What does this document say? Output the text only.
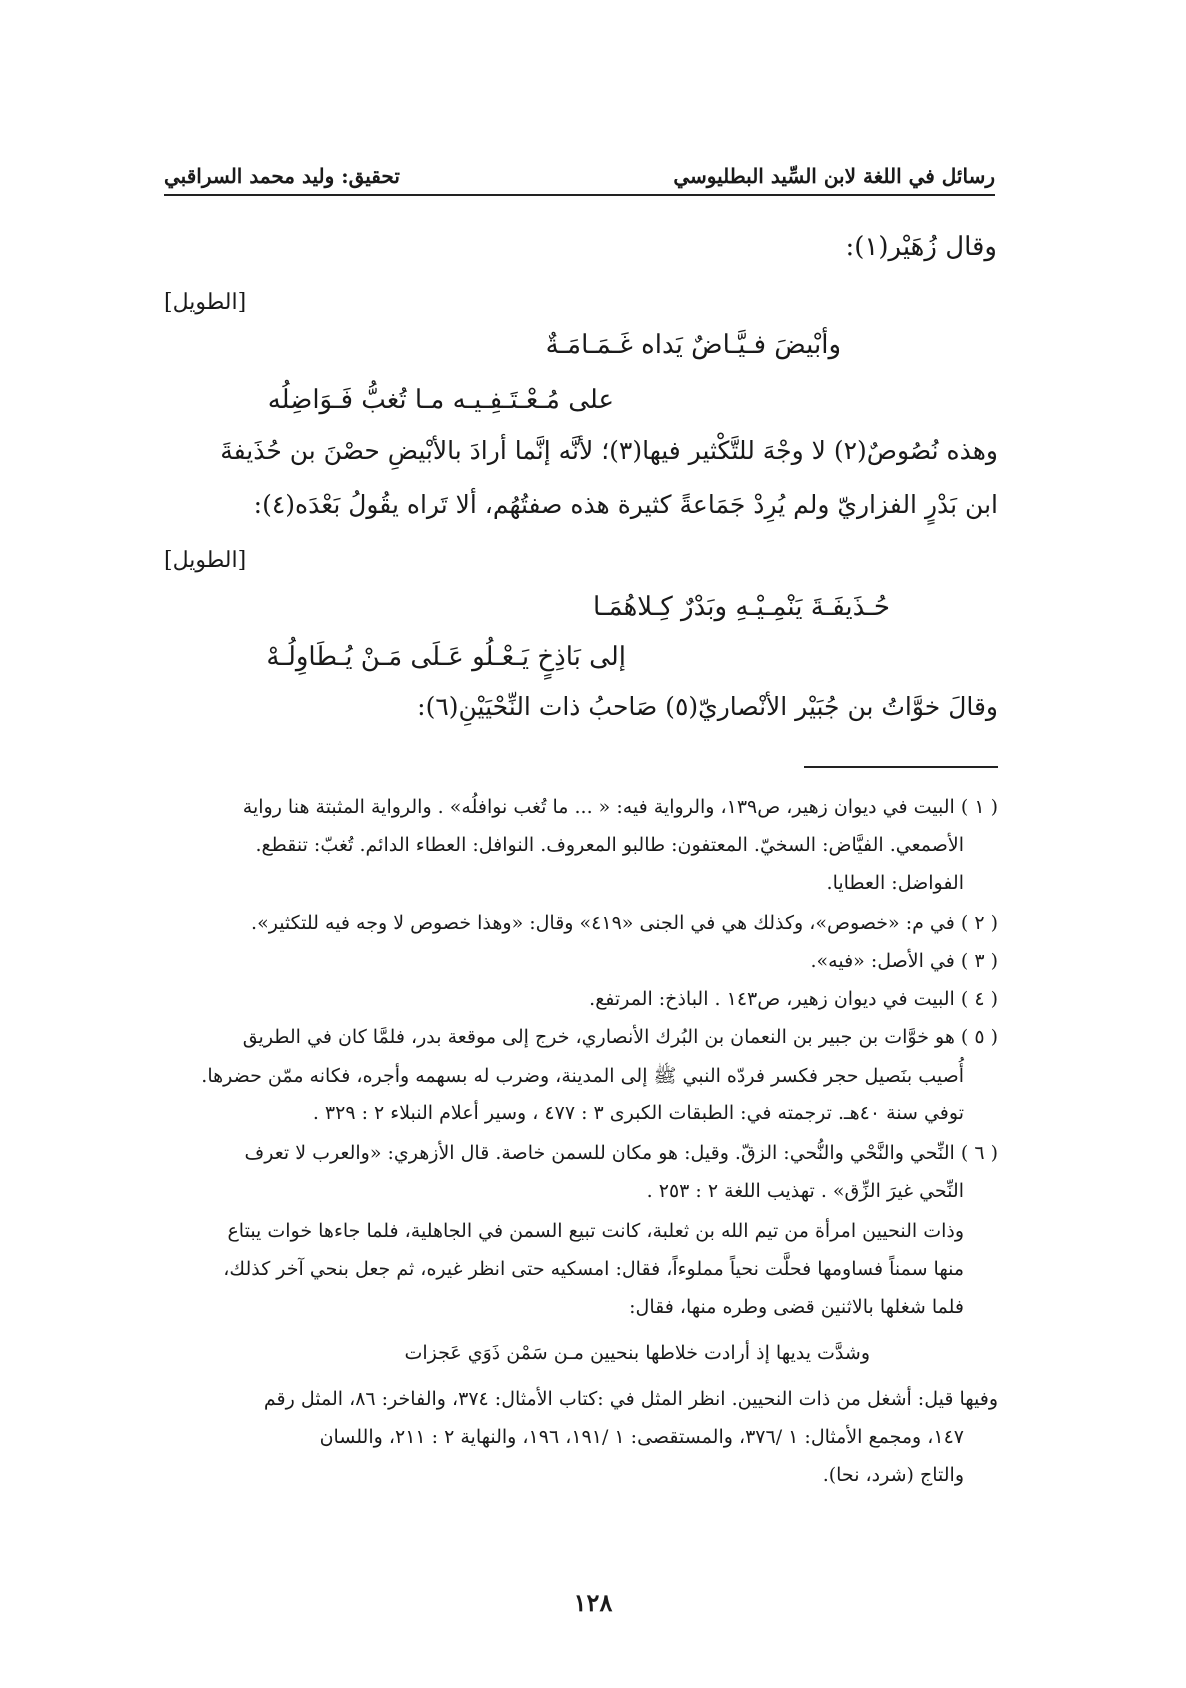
رسائل في اللغة لابن السِّيد البطليوسي
تحقيق: وليد محمد السراقبي
وقال زُهَيْر(١):
[الطويل]
وأبْيضَ فـيَّـاضٌ يَداه غَـمَـامَـةٌ
على مُـعْـتَـفِـيـه مـا تُغبُّ فَـوَاضِلُه
وهذه نُصُوصٌ(٢) لا وجْهَ للتَّكْثير فيها(٣)؛ لأنَّه إنَّما أرادَ بالأبْيضِ حصْنَ بن حُذَيفةَ
ابن بَدْرٍ الفزاريّ ولم يُرِدْ جَمَاعةً كثيرة هذه صفتُهُم، ألا تَراه يقُولُ بَعْدَه(٤):
[الطويل]
حُـذَيفَـةَ يَنْمِـيْـهِ وبَدْرٌ كِـلاهُمَـا
إلى بَاذِخٍ يَـعْـلُو عَـلَى مَـنْ يُـطَاوِلُـهْ
وقالَ خوَّاتُ بن جُبَيْر الأنْصاريّ(٥) صَاحبُ ذات النِّحْيَيْنِ(٦):
( ١ ) البيت في ديوان زهير، ص١٣٩، والرواية فيه: « ... ما تُغب نوافلُه» . والرواية المثبتة هنا رواية
الأصمعي. الفيَّاض: السخيّ. المعتفون: طالبو المعروف. النوافل: العطاء الدائم. تُغبّ: تنقطع.
الفواضل: العطايا.
( ٢ ) في م: «خصوص»، وكذلك هي في الجنى «٤١٩» وقال: «وهذا خصوص لا وجه فيه للتكثير».
( ٣ ) في الأصل: «فيه».
( ٤ ) البيت في ديوان زهير، ص١٤٣ . الباذخ: المرتفع.
( ٥ ) هو خوَّات بن جبير بن النعمان بن البُرك الأنصاري، خرج إلى موقعة بدر، فلمَّا كان في الطريق
أُصيب بنَصيل حجر فكسر فردّه النبي ﷺ إلى المدينة، وضرب له بسهمه وأجره، فكانه ممّن حضرها.
توفي سنة ٤٠هـ. ترجمته في: الطبقات الكبرى ٣ : ٤٧٧ ، وسير أعلام النبلاء ٢ : ٣٢٩ .
( ٦ ) النِّحي والنَّحْي والنُّحي: الزقّ. وقيل: هو مكان للسمن خاصة. قال الأزهري: «والعرب لا تعرف
النِّحي غيرَ الزِّق» . تهذيب اللغة ٢ : ٢٥٣ .
وذات النحيين امرأة من تيم الله بن ثعلبة، كانت تبيع السمن في الجاهلية، فلما جاءها خوات يبتاع
منها سمناً فساومها فحلَّت نحياً مملوءاً، فقال: امسكيه حتى انظر غيره، ثم جعل بنحي آخر كذلك،
فلما شغلها بالاثنين قضى وطره منها، فقال:
وشدَّت يديها إذ أرادت خلاطها بنحيين مـن سَمْن ذَوَي عَجزات
وفيها قيل: أشغل من ذات النحيين. انظر المثل في :كتاب الأمثال: ٣٧٤، والفاخر: ٨٦، المثل رقم
١٤٧، ومجمع الأمثال: ١ /٣٧٦، والمستقصى: ١ /١٩١، ١٩٦، والنهاية ٢ : ٢١١، واللسان
والتاج (شرد، نحا).
١٢٨
